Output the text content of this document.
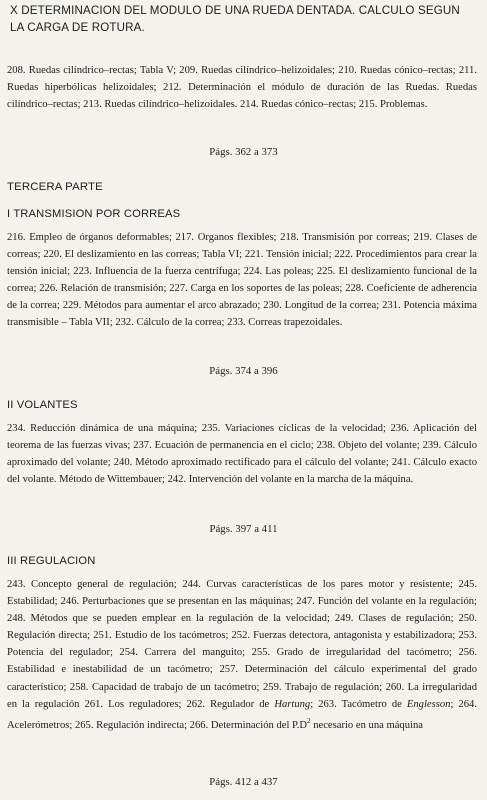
X DETERMINACION DEL MODULO DE UNA RUEDA DENTADA. CALCULO SEGUN LA CARGA DE ROTURA.

208. Ruedas cilíndrico–rectas; Tabla V; 209. Ruedas cilíndrico–helizoidales; 210. Ruedas cónico–rectas; 211. Ruedas hiperbólicas helizoidales; 212. Determinación el módulo de duración de las Ruedas. Ruedas cilíndrico–rectas; 213. Ruedas cilíndrico–helizoidales. 214. Ruedas cónico–rectas; 215. Problemas.

Págs. 362 a 373

TERCERA PARTE

I TRANSMISION POR CORREAS

216. Empleo de órganos deformables; 217. Organos flexibles; 218. Transmisión por correas; 219. Clases de correas; 220. El deslizamiento en las correas; Tabla VI; 221. Tensión inicial; 222. Procedimientos para crear la tensión inicial; 223. Influencia de la fuerza centrífuga; 224. Las poleas; 225. El deslizamiento funcional de la correa; 226. Relación de transmisión; 227. Carga en los soportes de las poleas; 228. Coeficiente de adherencia de la correa; 229. Métodos para aumentar el arco abrazado; 230. Longitud de la correa; 231. Potencia máxima transmisible – Tabla VII; 232. Cálculo de la correa; 233. Correas trapezoidales.

Págs. 374 a 396

II VOLANTES

234. Reducción dinámica de una máquina; 235. Variaciones cíclicas de la velocidad; 236. Aplicación del teorema de las fuerzas vivas; 237. Ecuación de permanencia en el ciclo; 238. Objeto del volante; 239. Cálculo aproximado del volante; 240. Método aproximado rectificado para el cálculo del volante; 241. Cálculo exacto del volante. Método de Wittembauer; 242. Intervención del volante en la marcha de la máquina.

Págs. 397 a 411

III REGULACION

243. Concepto general de regulación; 244. Curvas características de los pares motor y resistente; 245. Estabilidad; 246. Perturbaciones que se presentan en las máquinas; 247. Función del volante en la regulación; 248. Métodos que se pueden emplear en la regulación de la velocidad; 249. Clases de regulación; 250. Regulación directa; 251. Estudio de los tacómetros; 252. Fuerzas detectora, antagonista y estabilizadora; 253. Potencia del regulador; 254. Carrera del manguito; 255. Grado de irregularidad del tacómetro; 256. Estabilidad e inestabilidad de un tacómetro; 257. Determinación del cálculo experimental del grado característico; 258. Capacidad de trabajo de un tacómetro; 259. Trabajo de regulación; 260. La irregularidad en la regulación 261. Los reguladores; 262. Regulador de Hartung; 263. Tacómetro de Englesson; 264. Acelerómetros; 265. Regulación indirecta; 266. Determinación del $P.D^2$ necesario en una máquina

Págs. 412 a 437
